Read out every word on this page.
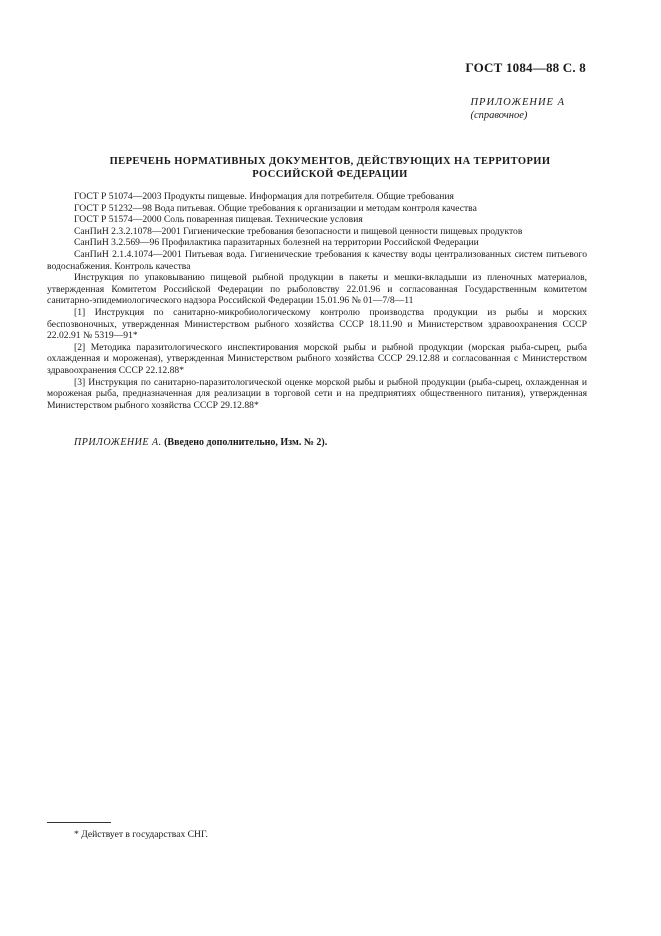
ГОСТ 1084—88 С. 8
ПРИЛОЖЕНИЕ А
(справочное)
ПЕРЕЧЕНЬ НОРМАТИВНЫХ ДОКУМЕНТОВ, ДЕЙСТВУЮЩИХ НА ТЕРРИТОРИИ
РОССИЙСКОЙ ФЕДЕРАЦИИ

ГОСТ Р 51074—2003 Продукты пищевые. Информация для потребителя. Общие требования

ГОСТ Р 51232—98 Вода питьевая. Общие требования к организации и методам контроля качества

ГОСТ Р 51574—2000 Соль поваренная пищевая. Технические условия

СанПиН 2.3.2.1078—2001 Гигиенические требования безопасности и пищевой ценности пищевых продуктов

СанПиН 3.2.569—96 Профилактика паразитарных болезней на территории Российской Федерации

СанПиН 2.1.4.1074—2001 Питьевая вода. Гигиенические требования к качеству воды централизованных систем питьевого водоснабжения. Контроль качества

Инструкция по упаковыванию пищевой рыбной продукции в пакеты и мешки-вкладыши из пленочных материалов, утвержденная Комитетом Российской Федерации по рыболовству 22.01.96 и согласованная Государственным комитетом санитарно-эпидемиологического надзора Российской Федерации 15.01.96 № 01—7/8—11

[1] Инструкция по санитарно-микробиологическому контролю производства продукции из рыбы и морских беспозвоночных, утвержденная Министерством рыбного хозяйства СССР 18.11.90 и Министерством здравоохранения СССР 22.02.91 № 5319—91*

[2] Методика паразитологического инспектирования морской рыбы и рыбной продукции (морская рыба-сырец, рыба охлажденная и мороженая), утвержденная Министерством рыбного хозяйства СССР 29.12.88 и согласованная с Министерством здравоохранения СССР 22.12.88*

[3] Инструкция по санитарно-паразитологической оценке морской рыбы и рыбной продукции (рыба-сырец, охлажденная и мороженая рыба, предназначенная для реализации в торговой сети и на предприятиях общественного питания), утвержденная Министерством рыбного хозяйства СССР 29.12.88*

ПРИЛОЖЕНИЕ А. (Введено дополнительно, Изм. № 2).
* Действует в государствах СНГ.
